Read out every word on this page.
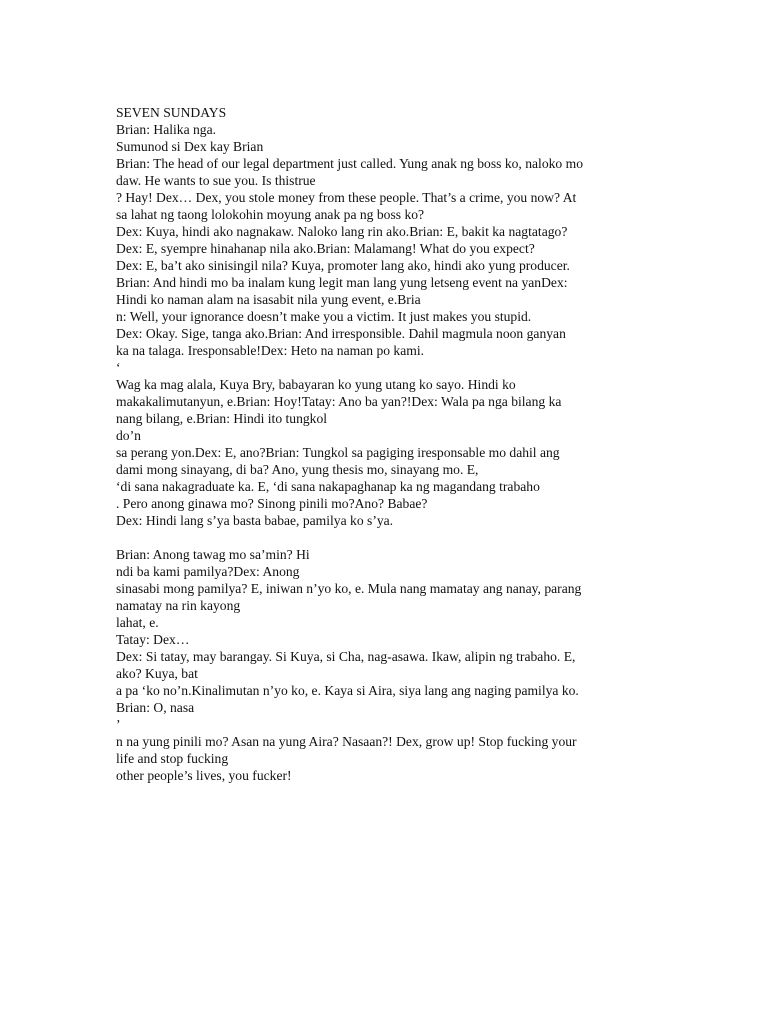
SEVEN SUNDAYS
Brian: Halika nga.
Sumunod si Dex kay Brian
Brian: The head of our legal department just called. Yung anak ng boss ko, naloko mo
daw. He wants to sue you. Is thistrue
? Hay! Dex… Dex, you stole money from these people. That’s a crime, you now? At
sa lahat ng taong lolokohin moyung anak pa ng boss ko?
Dex: Kuya, hindi ako nagnakaw. Naloko lang rin ako.Brian: E, bakit ka nagtatago?
Dex: E, syempre hinahanap nila ako.Brian: Malamang! What do you expect?
Dex: E, ba’t ako sinisingil nila? Kuya, promoter lang ako, hindi ako yung producer.
Brian: And hindi mo ba inalam kung legit man lang yung letseng event na yanDex:
Hindi ko naman alam na isasabit nila yung event, e.Bria
n: Well, your ignorance doesn’t make you a victim. It just makes you stupid.
Dex: Okay. Sige, tanga ako.Brian: And irresponsible. Dahil magmula noon ganyan
ka na talaga. Iresponsable!Dex: Heto na naman po kami.
‘
Wag ka mag alala, Kuya Bry, babayaran ko yung utang ko sayo. Hindi ko
makakalimutanyun, e.Brian: Hoy!Tatay: Ano ba yan?!Dex: Wala pa nga bilang ka
nang bilang, e.Brian: Hindi ito tungkol
do’n
sa perang yon.Dex: E, ano?Brian: Tungkol sa pagiging iresponsable mo dahil ang
dami mong sinayang, di ba? Ano, yung thesis mo, sinayang mo. E,
‘di sana nakagraduate ka. E, ‘di sana nakapaghanap ka ng magandang trabaho
. Pero anong ginawa mo? Sinong pinili mo?Ano? Babae?
Dex: Hindi lang s’ya basta babae, pamilya ko s’ya.
Brian: Anong tawag mo sa’min? Hi
ndi ba kami pamilya?Dex: Anong
sinasabi mong pamilya? E, iniwan n’yo ko, e. Mula nang mamatay ang nanay, parang
namatay na rin kayong
lahat, e.
Tatay: Dex…
Dex: Si tatay, may barangay. Si Kuya, si Cha, nag-asawa. Ikaw, alipin ng trabaho. E,
ako? Kuya, bat
a pa ‘ko no’n.Kinalimutan n’yo ko, e. Kaya si Aira, siya lang ang naging pamilya ko.
Brian: O, nasa
’
n na yung pinili mo? Asan na yung Aira? Nasaan?! Dex, grow up! Stop fucking your
life and stop fucking
other people’s lives, you fucker!
